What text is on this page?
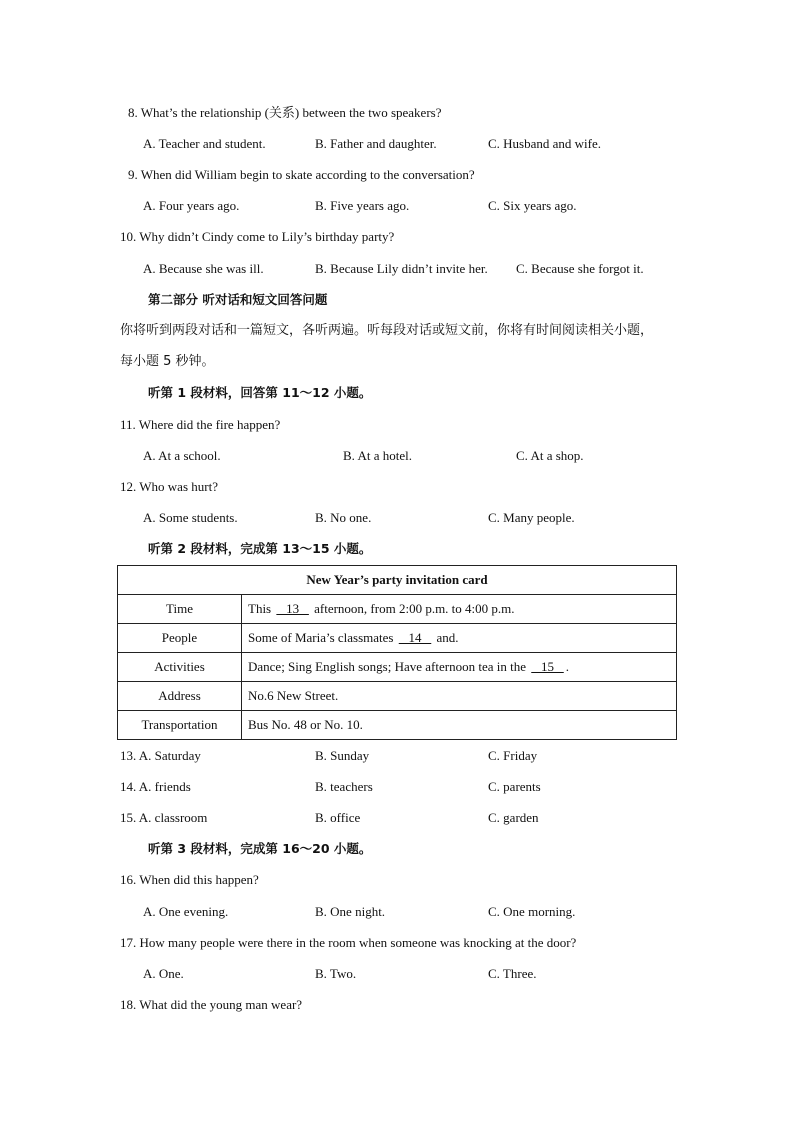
8. What’s the relationship (关系) between the two speakers?
A. Teacher and student.	B. Father and daughter.	C. Husband and wife.
9. When did William begin to skate according to the conversation?
A. Four years ago.	B. Five years ago.	C. Six years ago.
10. Why didn’t Cindy come to Lily’s birthday party?
A. Because she was ill.	B. Because Lily didn’t invite her. C. Because she forgot it.
第二部分 听对话和短文回答问题
你将听到两段对话和一篇短文，各听两遍。听每段对话或短文前，你将有时间阅读相关小题，
每小题 5 秒钟。
听第 1 段材料，回答第 11～12 小题。
11. Where did the fire happen?
A. At a school.	B. At a hotel.	C. At a shop.
12. Who was hurt?
A. Some students.	B. No one.	C. Many people.
听第 2 段材料，完成第 13～15 小题。
New Year’s party invitation card	
Time	This    13    afternoon, from 2:00 p.m. to 4:00 p.m.
People	Some of Maria’s classmates    14    and.
Activities	Dance; Sing English songs; Have afternoon tea in the    15   .
Address	No.6 New Street.
Transportation	Bus No. 48 or No. 10.
13. A. Saturday	B. Sunday	C. Friday
14. A. friends	B. teachers	C. parents
15. A. classroom	B. office	C. garden
听第 3 段材料，完成第 16～20 小题。
16. When did this happen?
A. One evening.	B. One night.	C. One morning.
17. How many people were there in the room when someone was knocking at the door?
A. One.	B. Two.	C. Three.
18. What did the young man wear?
